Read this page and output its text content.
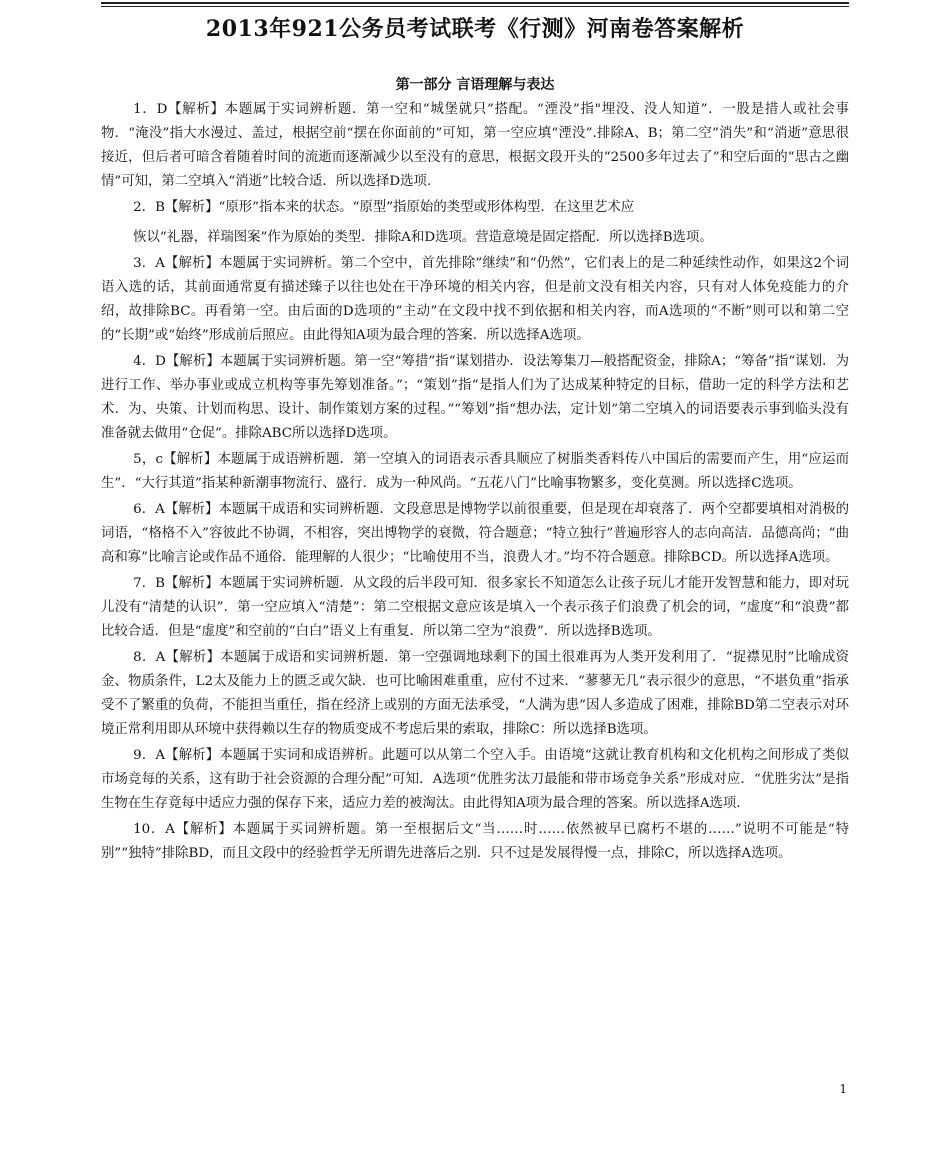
2013年921公务员考试联考《行测》河南卷答案解析
第一部分 言语理解与表达

1．D【解析】本题属于实词辨析题．第一空和“城堡就只”搭配。“湮没”指"埋没、没人知道”．一股是措人或社会事物．“淹没”指大水漫过、盖过，根据空前“摆在你面前的”可知，第一空应填“湮没”.排除A、B；第二空“消失”和“消逝”意思很接近，但后者可暗含着随着时间的流逝而逐渐减少以至没有的意思，根据文段开头的“2500多年过去了”和空后面的“思古之幽情”可知，第二空填入“消逝”比较合适．所以选择D选项.

2．B【解析】“原形”指本来的状态。“原型”指原始的类型或形体构型．在这里艺术应

恢以“礼器，祥瑞图案”作为原始的类型．排除A和D选项。营造意境是固定搭配．所以选择B选项。

3．A【解析】本题属于实词辨析。第二个空中，首先排除”继续”和“仍然”，它们表上的是二种延续性动作，如果这2个词语入选的话，其前面通常夏有描述臻子以往也处在干净环境的相关内容，但是前文没有相关内容，只有对人体免疫能力的介绍，故排除BC。再看第一空。由后面的D选项的“主动”在文段中找不到依据和相关内容，而A选项的“不断”则可以和第二空的“长期”或“始终”形成前后照应。由此得知A项为最合理的答案．所以选择A选项。

4．D【解析】本题属于实词辨析题。第一空“筹措”指“谋划措办．设法筹集刀—般搭配资金，排除A；“筹备”指“谋划．为进行工作、举办事业或成立机构等事先筹划准备。”；“策划”指“是指人们为了达成某种特定的目标，借助一定的科学方法和艺术．为、央策、计划而构思、设计、制作策划方案的过程。”“筹划”指“想办法，定计划”第二空填入的词语要表示事到临头没有准备就去做用“仓促”。排除ABC所以选择D选项。

5，c【解析】本题属于成语辨析题．第一空填入的词语表示香具顺应了树脂类香料传八中国后的需要而产生，用“应运而生”．“大行其道”指某种新潮事物流行、盛行．成为一种风尚。“五花八门”比喻事物繁多，变化莫测。所以选择C选项。

6．A【解析】本题属干成语和实词辨析题．文段意思是博物学以前很重要，但是现在却衰落了．两个空都要填相对消极的词语，“格格不入”容彼此不协调，不相容，突出博物学的衰微，符合题意；“特立独行”普遍形容人的志向高洁．品德高尚；“曲高和寡”比喻言论或作品不通俗．能理解的人很少；“比喻使用不当，浪费人才。”均不符合题意。排除BCD。所以选择A选项。

7．B【解析】本题属于实词辨析题．从文段的后半段可知．很多家长不知道怎么让孩子玩儿才能开发智慧和能力，即对玩儿没有“清楚的认识”．第一空应填入“清楚”：第二空根据文意应该是填入一个表示孩子们浪费了机会的词，“虚度”和“浪费”都比较合适．但是“虚度”和空前的“白白”语义上有重复．所以第二空为“浪费”．所以选择B选项。

8．A【解析】本题属于成语和实词辨析题．第一空强调地球剩下的国土很难再为人类开发利用了．“捉襟见肘”比喻成资金、物质条件，L2太及能力上的匮乏或欠缺．也可比喻困难重重，应付不过来．“蓼蓼无几”表示很少的意思，“不堪负重”指承受不了繁重的负荷，不能担当重任，指在经济上或别的方面无法承受，“人满为患”因人多造成了困难，排除BD第二空表示对环境正常利用即从环境中获得赖以生存的物质变成不考虑后果的索取，排除C：所以选择B选项。

9．A【解析】本题属于实词和成语辨析。此题可以从第二个空入手。由语境“这就让教育机构和文化机构之间形成了类似市场竞每的关系，这有助于社会资源的合理分配”可知．A选项“优胜劣汰刀最能和带市场竞争关系”形成对应．“优胜劣汰”是指生物在生存竟每中适应力强的保存下来，适应力差的被淘汰。由此得知A项为最合理的答案。所以选择A选项.

10．A【解析】本题属于买词辨析题。第一至根据后文“当……时……依然被早已腐朽不堪的……”说明不可能是“特别”“独特”排除BD，而且文段中的经验哲学无所谓先进落后之别．只不过是发展得慢一点，排除C，所以选择A选项。

1
